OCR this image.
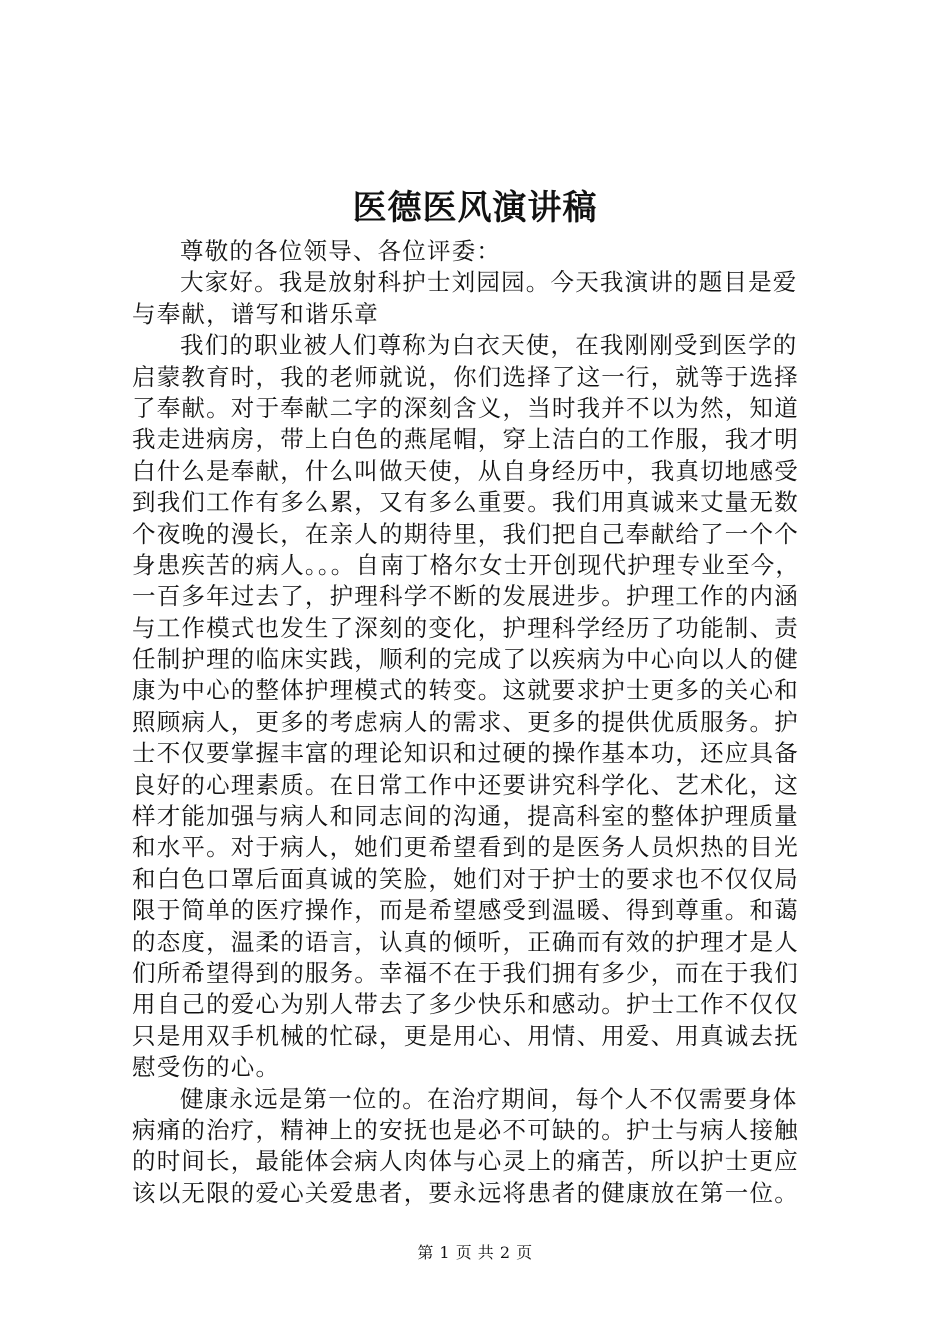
医德医风演讲稿
尊敬的各位领导、各位评委：
大家好。我是放射科护士刘园园。今天我演讲的题目是爱
与奉献，谱写和谐乐章
我们的职业被人们尊称为白衣天使，在我刚刚受到医学的
启蒙教育时，我的老师就说，你们选择了这一行，就等于选择
了奉献。对于奉献二字的深刻含义，当时我并不以为然，知道
我走进病房，带上白色的燕尾帽，穿上洁白的工作服，我才明
白什么是奉献，什么叫做天使，从自身经历中，我真切地感受
到我们工作有多么累，又有多么重要。我们用真诚来丈量无数
个夜晚的漫长，在亲人的期待里，我们把自己奉献给了一个个
身患疾苦的病人。。。自南丁格尔女士开创现代护理专业至今，
一百多年过去了，护理科学不断的发展进步。护理工作的内涵
与工作模式也发生了深刻的变化，护理科学经历了功能制、责
任制护理的临床实践，顺利的完成了以疾病为中心向以人的健
康为中心的整体护理模式的转变。这就要求护士更多的关心和
照顾病人，更多的考虑病人的需求、更多的提供优质服务。护
士不仅要掌握丰富的理论知识和过硬的操作基本功，还应具备
良好的心理素质。在日常工作中还要讲究科学化、艺术化，这
样才能加强与病人和同志间的沟通，提高科室的整体护理质量
和水平。对于病人，她们更希望看到的是医务人员炽热的目光
和白色口罩后面真诚的笑脸，她们对于护士的要求也不仅仅局
限于简单的医疗操作，而是希望感受到温暖、得到尊重。和蔼
的态度，温柔的语言，认真的倾听，正确而有效的护理才是人
们所希望得到的服务。幸福不在于我们拥有多少，而在于我们
用自己的爱心为别人带去了多少快乐和感动。护士工作不仅仅
只是用双手机械的忙碌，更是用心、用情、用爱、用真诚去抚
慰受伤的心。
健康永远是第一位的。在治疗期间，每个人不仅需要身体
病痛的治疗，精神上的安抚也是必不可缺的。护士与病人接触
的时间长，最能体会病人肉体与心灵上的痛苦，所以护士更应
该以无限的爱心关爱患者，要永远将患者的健康放在第一位。
第 1 页 共 2 页
